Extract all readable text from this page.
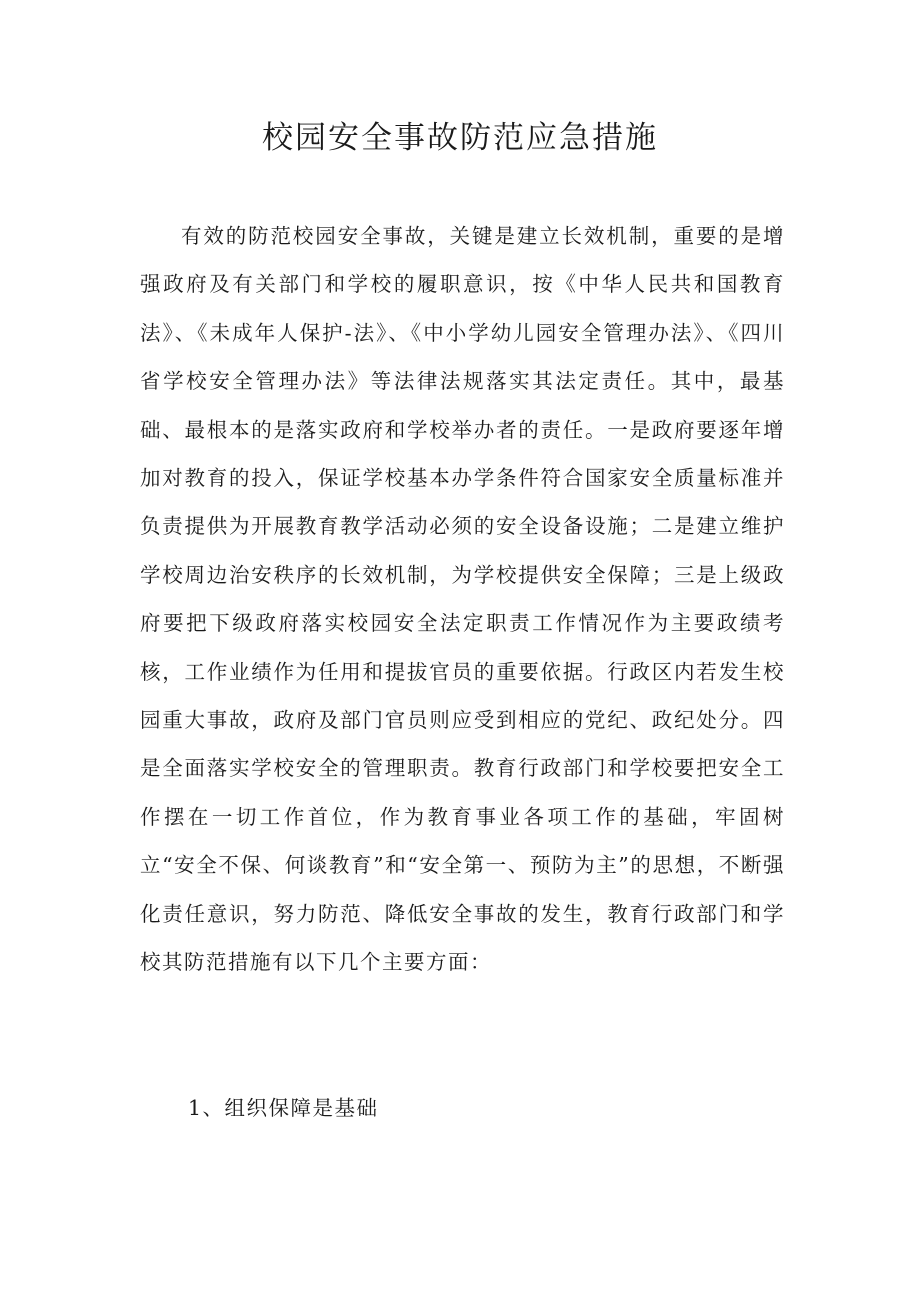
校园安全事故防范应急措施

有效的防范校园安全事故，关键是建立长效机制，重要的是增强政府及有关部门和学校的履职意识，按《中华人民共和国教育法》、《未成年人保护-法》、《中小学幼儿园安全管理办法》、《四川省学校安全管理办法》等法律法规落实其法定责任。其中，最基础、最根本的是落实政府和学校举办者的责任。一是政府要逐年增加对教育的投入，保证学校基本办学条件符合国家安全质量标准并负责提供为开展教育教学活动必须的安全设备设施；二是建立维护学校周边治安秩序的长效机制，为学校提供安全保障；三是上级政府要把下级政府落实校园安全法定职责工作情况作为主要政绩考核，工作业绩作为任用和提拔官员的重要依据。行政区内若发生校园重大事故，政府及部门官员则应受到相应的党纪、政纪处分。四是全面落实学校安全的管理职责。教育行政部门和学校要把安全工作摆在一切工作首位，作为教育事业各项工作的基础，牢固树立“安全不保、何谈教育”和“安全第一、预防为主”的思想，不断强化责任意识，努力防范、降低安全事故的发生，教育行政部门和学校其防范措施有以下几个主要方面：

1、组织保障是基础
